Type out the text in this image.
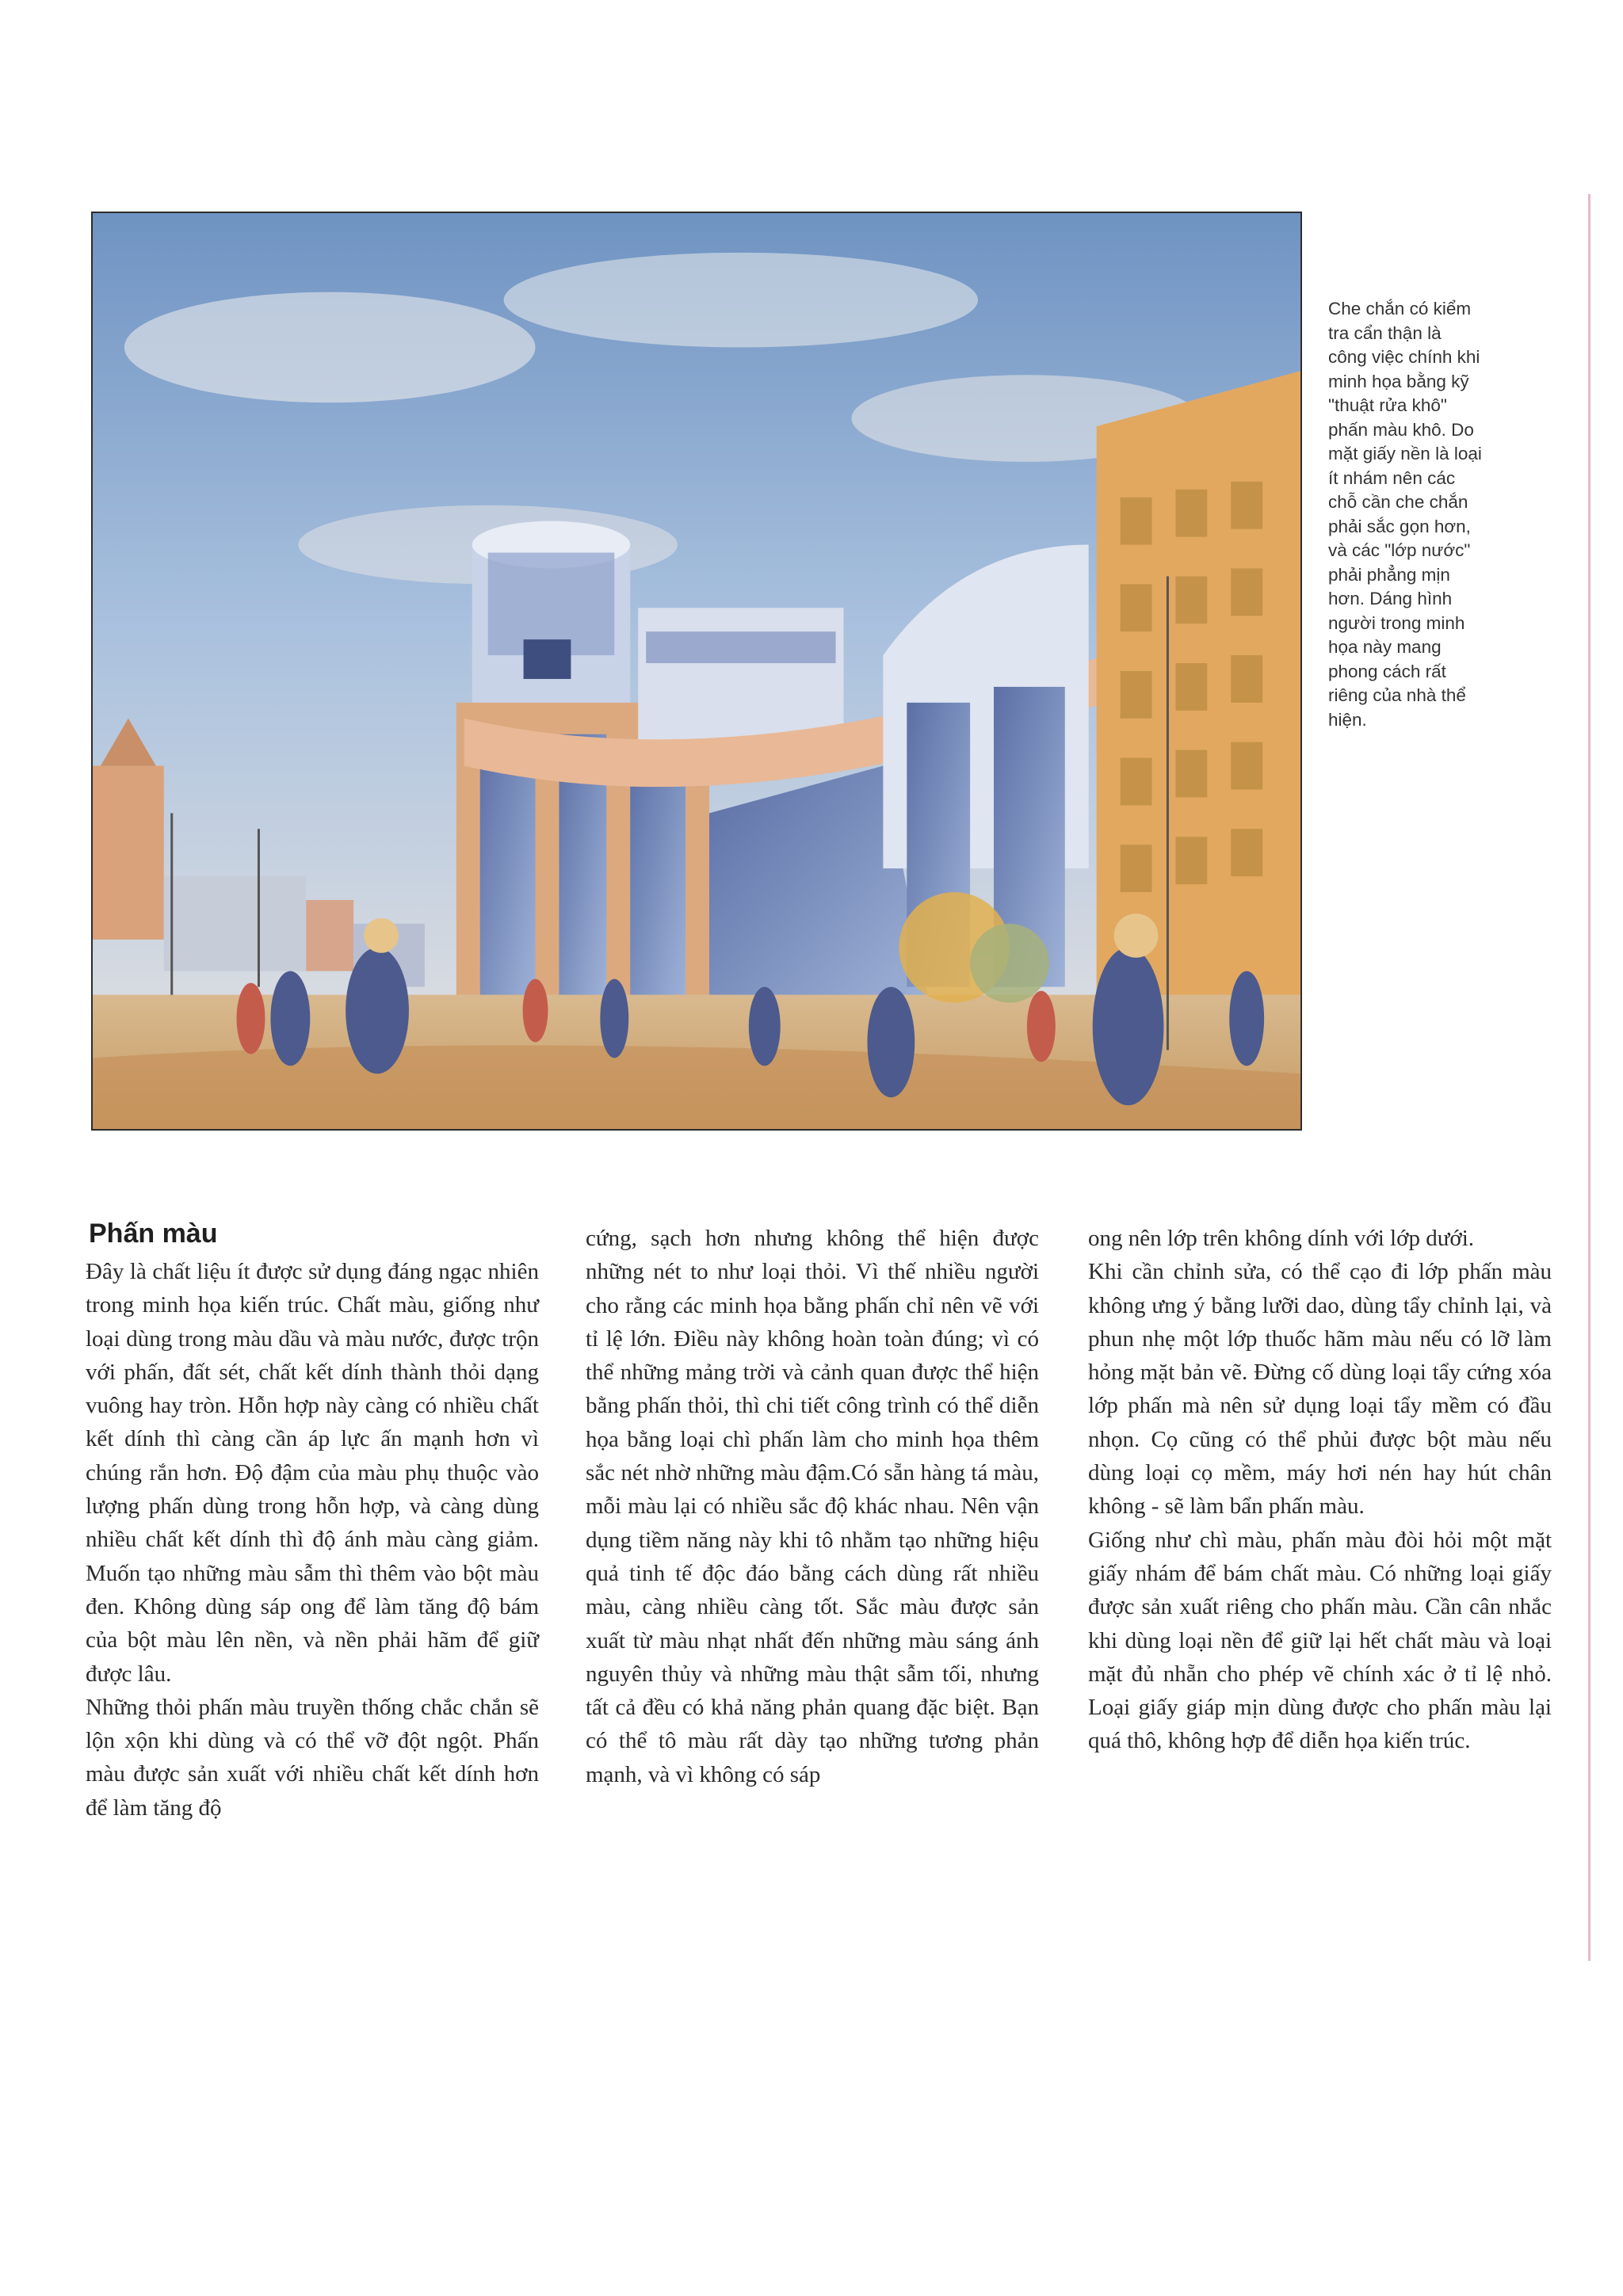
Che chắn có kiểm
tra cẩn thận là
công việc chính khi
minh họa bằng kỹ
"thuật rửa khô"
phấn màu khô. Do
mặt giấy nền là loại
ít nhám nên các
chỗ cần che chắn
phải sắc gọn hơn,
và các "lớp nước"
phải phẳng mịn
hơn. Dáng hình
người trong minh
họa này mang
phong cách rất
riêng của nhà thể
hiện.
Phấn màu

Đây là chất liệu ít được sử dụng đáng ngạc nhiên trong minh họa kiến trúc. Chất màu, giống như loại dùng trong màu dầu và màu nước, được trộn với phấn, đất sét, chất kết dính thành thỏi dạng vuông hay tròn. Hỗn hợp này càng có nhiều chất kết dính thì càng cần áp lực ấn mạnh hơn vì chúng rắn hơn. Độ đậm của màu phụ thuộc vào lượng phấn dùng trong hỗn hợp, và càng dùng nhiều chất kết dính thì độ ánh màu càng giảm. Muốn tạo những màu sẫm thì thêm vào bột màu đen. Không dùng sáp ong để làm tăng độ bám của bột màu lên nền, và nền phải hãm để giữ được lâu.

Những thỏi phấn màu truyền thống chắc chắn sẽ lộn xộn khi dùng và có thể vỡ đột ngột. Phấn màu được sản xuất với nhiều chất kết dính hơn để làm tăng độ

cứng, sạch hơn nhưng không thể hiện được những nét to như loại thỏi. Vì thế nhiều người cho rằng các minh họa bằng phấn chỉ nên vẽ với tỉ lệ lớn. Điều này không hoàn toàn đúng; vì có thể những mảng trời và cảnh quan được thể hiện bằng phấn thỏi, thì chi tiết công trình có thể diễn họa bằng loại chì phấn làm cho minh họa thêm sắc nét nhờ những màu đậm.Có sẵn hàng tá màu, mỗi màu lại có nhiều sắc độ khác nhau. Nên vận dụng tiềm năng này khi tô nhằm tạo những hiệu quả tinh tế độc đáo bằng cách dùng rất nhiều màu, càng nhiều càng tốt. Sắc màu được sản xuất từ màu nhạt nhất đến những màu sáng ánh nguyên thủy và những màu thật sẫm tối, nhưng tất cả đều có khả năng phản quang đặc biệt. Bạn có thể tô màu rất dày tạo những tương phản mạnh, và vì không có sáp

ong nên lớp trên không dính với lớp dưới.

Khi cần chỉnh sửa, có thể cạo đi lớp phấn màu không ưng ý bằng lưỡi dao, dùng tẩy chỉnh lại, và phun nhẹ một lớp thuốc hãm màu nếu có lỡ làm hỏng mặt bản vẽ. Đừng cố dùng loại tẩy cứng xóa lớp phấn mà nên sử dụng loại tẩy mềm có đầu nhọn. Cọ cũng có thể phủi được bột màu nếu dùng loại cọ mềm, máy hơi nén hay hút chân không - sẽ làm bẩn phấn màu.

Giống như chì màu, phấn màu đòi hỏi một mặt giấy nhám để bám chất màu. Có những loại giấy được sản xuất riêng cho phấn màu. Cần cân nhắc khi dùng loại nền để giữ lại hết chất màu và loại mặt đủ nhẵn cho phép vẽ chính xác ở tỉ lệ nhỏ. Loại giấy giáp mịn dùng được cho phấn màu lại quá thô, không hợp để diễn họa kiến trúc.
